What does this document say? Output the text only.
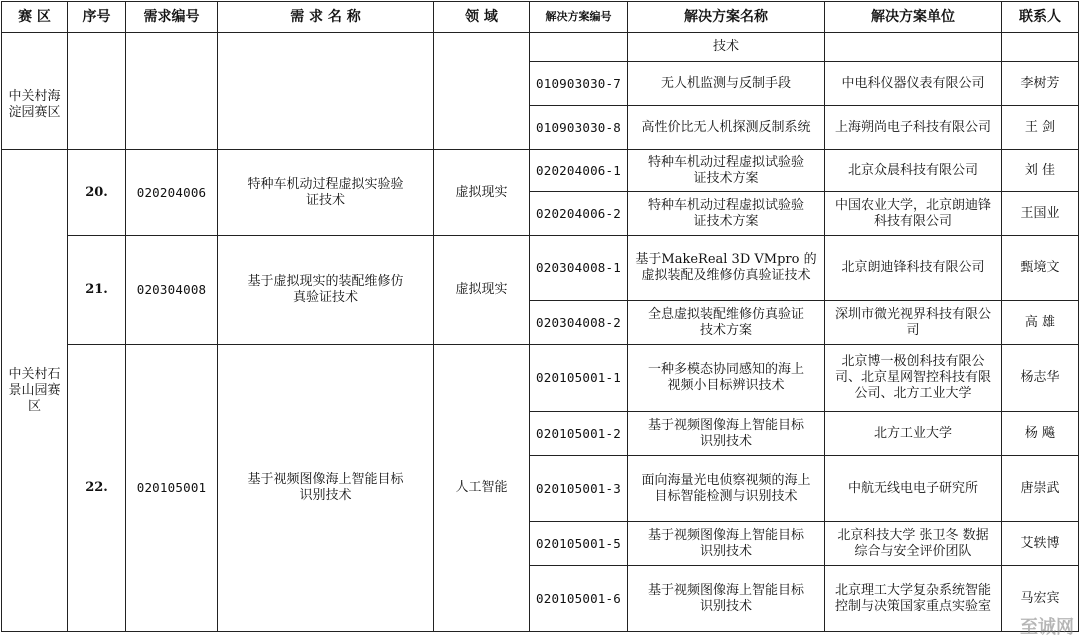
赛 区	序号	需求编号	需 求 名 称	领 域	解决方案编号	解决方案名称	解决方案单位	联系人
						技术		
中关村海淀园赛区					010903030-7	无人机监测与反制手段	中电科仪器仪表有限公司	李树芳
					010903030-8	高性价比无人机探测反制系统	上海朔尚电子科技有限公司	王 剑
中关村石景山园赛区	20.	020204006	特种车机动过程虚拟实验验证技术	虚拟现实	020204006-1	特种车机动过程虚拟试验验证技术方案	北京众晨科技有限公司	刘 佳
					020204006-2	特种车机动过程虚拟试验验证技术方案	中国农业大学，北京朗迪锋科技有限公司	王国业
	21.	020304008	基于虚拟现实的装配维修仿真验证技术	虚拟现实	020304008-1	基于MakeReal 3D VMpro 的虚拟装配及维修仿真验证技术	北京朗迪锋科技有限公司	甄境文
					020304008-2	全息虚拟装配维修仿真验证技术方案	深圳市微光视界科技有限公司	高 雄
	22.	020105001	基于视频图像海上智能目标识别技术	人工智能	020105001-1	一种多模态协同感知的海上视频小目标辨识技术	北京博一极创科技有限公司、北京星网智控科技有限公司、北方工业大学	杨志华
					020105001-2	基于视频图像海上智能目标识别技术	北方工业大学	杨 飚
					020105001-3	面向海量光电侦察视频的海上目标智能检测与识别技术	中航无线电电子研究所	唐崇武
					020105001-5	基于视频图像海上智能目标识别技术	北京科技大学 张卫冬 数据综合与安全评价团队	艾轶博
					020105001-6	基于视频图像海上智能目标识别技术	北京理工大学复杂系统智能控制与决策国家重点实验室	马宏宾
至诚网
